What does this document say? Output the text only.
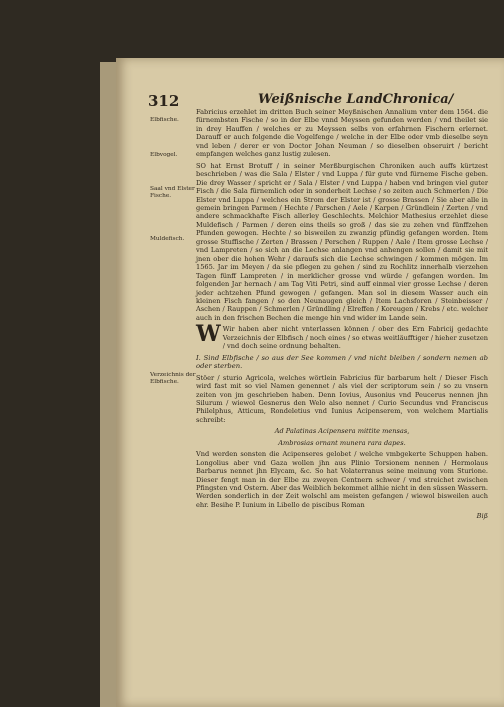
312	Weißnische LandChronica/
Elbfische.
Elbvogel.
Saal vnd Elster Fische.
Muldefisch.
Verzeichnis der Elbfische.

Fabricius erzehlet im dritten Buch seiner Meyßnischen Annalium vnter dem 1564. die fürnembsten Fische / so in der Elbe vnnd Meyssen gefunden werden / vnd theilet sie in drey Hauffen / welches er zu Meyssen selbs von erfahrnen Fischern erlernet. Darauff er auch folgende die Vogelfenge / welche in der Elbe oder vmb dieselbe seyn vnd leben / derer er von Doctor Johan Neuman / so dieselben obseruirt / bericht empfangen welches ganz lustig zulesen.

SO hat Ernst Brotuff / in seiner Merßburgischen Chroniken auch auffs kürtzest beschrieben / was die Sala / Elster / vnd Luppa / für gute vnd fürneme Fische geben. Die drey Wasser / spricht er / Sala / Elster / vnd Luppa / haben vnd bringen viel guter Fisch / die Sala fürnemlich oder in sonderheit Lechse / so zeiten auch Schmerlen / Die Elster vnd Luppa / welches ein Strom der Elster ist / grosse Brassen / Sie aber alle in gemein bringen Parmen / Hechte / Parschen / Aele / Karpen / Gründlein / Zerten / vnd andere schmackhafte Fisch allerley Geschlechts. Melchior Mathesius erzehlet diese Muldefisch / Parmen / deren eins theils so groß / das sie zu zehen vnd fünffzehen Pfunden gewogen. Hechte / so bisweilen zu zwanzig pfündig gefangen worden. Item grosse Stuffische / Zerten / Brassen / Perschen / Ruppen / Aale / Item grosse Lechse / vnd Lampreten / so sich an die Lechse anlangen vnd anhengen sollen / damit sie mit jnen ober die hohen Wehr / daraufs sich die Lechse schwingen / kommen mögen. Im 1565. Jar im Meyen / da sie pflegen zu gehen / sind zu Rochlitz innerhalb vierzehen Tagen fünff Lampreten / in merklicher grosse vnd würde / gefangen worden. Im folgenden Jar hernach / am Tag Viti Petri, sind auff einmal vier grosse Lechse / deren jeder achtzehen Pfund gewogen / gefangen. Man sol in diesem Wasser auch ein kleinen Fisch fangen / so den Neunaugen gleich / Item Lachsforen / Steinbeisser / Aschen / Rauppen / Schmerlen / Gründling / Elreffen / Koreugen / Krebs / etc. welcher auch in den frischen Bechen die menge hin vnd wider im Lande sein.

W Wir haben aber nicht vnterlassen können / ober des Ern Fabricij gedachte Verzeichnis der Elbfisch / noch eines / so etwas weitläufftiger / hieher zusetzen / vnd doch seine ordnung behalten.

I. Sind Elbfische / so aus der See kommen / vnd nicht bleiben / sondern nemen ab oder sterben.

Stöer / sturio Agricola, welches wörtlein Fabricius für barbarum helt / Dieser Fisch wird fast mit so viel Namen genennet / als viel der scriptorum sein / so zu vnsern zeiten von jm geschrieben haben. Denn Iovius, Ausonius vnd Peucerus nennen jhn Silurum / wiewol Gesnerus den Welo also nennet / Curio Secundus vnd Franciscus Philelphus, Atticum, Rondeletius vnd Iunius Acipenserem, von welchem Martialis schreibt:

Ad Palatinas Acipensera mittite mensas,

Ambrosias ornant munera rara dapes.

Vnd werden sonsten die Acipenseres gelobet / welche vmbgekerte Schuppen haben. Longolius aber vnd Gaza wollen jhn aus Plinio Torsionem nennen / Hermolaus Barbarus nennet jhn Elycam, &c. So hat Volaterranus seine meinung vom Sturione. Dieser fengt man in der Elbe zu zweyen Centnern schwer / vnd streichet zwischen Pfingsten vnd Ostern. Aber das Weiblich bekommet allhie nicht in den süssen Wassern. Werden sonderlich in der Zeit wolschl am meisten gefangen / wiewol bisweilen auch ehr. Besihe P. Iunium in Libello de piscibus Roman

Biß
